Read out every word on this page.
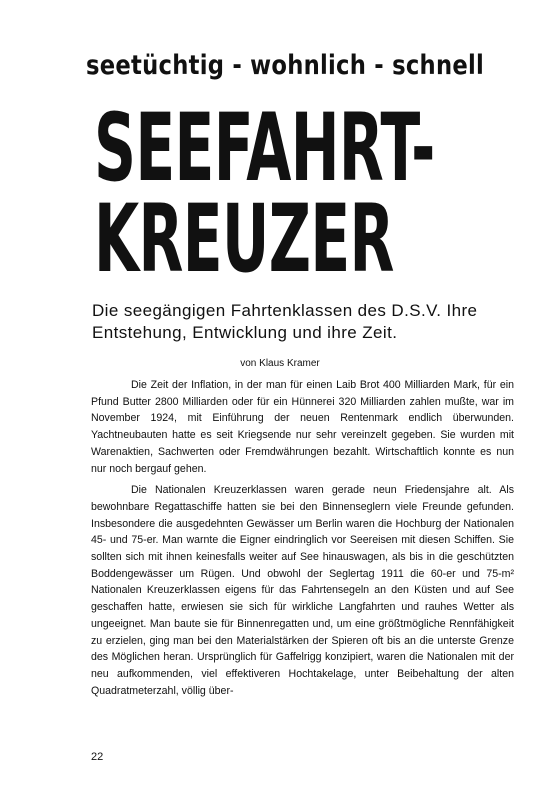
seetüchtig - wohnlich - schnell
SEEFAHRT-
KREUZER
Die seegängigen Fahrtenklassen des D.S.V. Ihre Entstehung, Entwicklung und ihre Zeit.
von Klaus Kramer

Die Zeit der Inflation, in der man für einen Laib Brot 400 Milliarden Mark, für ein Pfund Butter 2800 Milliarden oder für ein Hünnerei 320 Milliarden zahlen mußte, war im November 1924, mit Einführung der neuen Rentenmark endlich überwunden. Yachtneubauten hatte es seit Kriegsende nur sehr vereinzelt gegeben. Sie wurden mit Warenaktien, Sachwerten oder Fremdwährungen bezahlt. Wirtschaftlich konnte es nun nur noch bergauf gehen.

Die Nationalen Kreuzerklassen waren gerade neun Friedensjahre alt. Als bewohnbare Regattaschiffe hatten sie bei den Binnenseglern viele Freunde gefunden. Insbesondere die ausgedehnten Gewässer um Berlin waren die Hochburg der Nationalen 45- und 75-er. Man warnte die Eigner eindringlich vor Seereisen mit diesen Schiffen. Sie sollten sich mit ihnen keinesfalls weiter auf See hinauswagen, als bis in die geschützten Boddengewässer um Rügen. Und obwohl der Seglertag 1911 die 60-er und 75-m² Nationalen Kreuzerklassen eigens für das Fahrtensegeln an den Küsten und auf See geschaffen hatte, erwiesen sie sich für wirkliche Langfahrten und rauhes Wetter als ungeeignet. Man baute sie für Binnenregatten und, um eine größtmögliche Rennfähigkeit zu erzielen, ging man bei den Materialstärken der Spieren oft bis an die unterste Grenze des Möglichen heran. Ursprünglich für Gaffelrigg konzipiert, waren die Nationalen mit der neu aufkommenden, viel effektiveren Hochtakelage, unter Beibehaltung der alten Quadratmeterzahl, völlig über-

22
